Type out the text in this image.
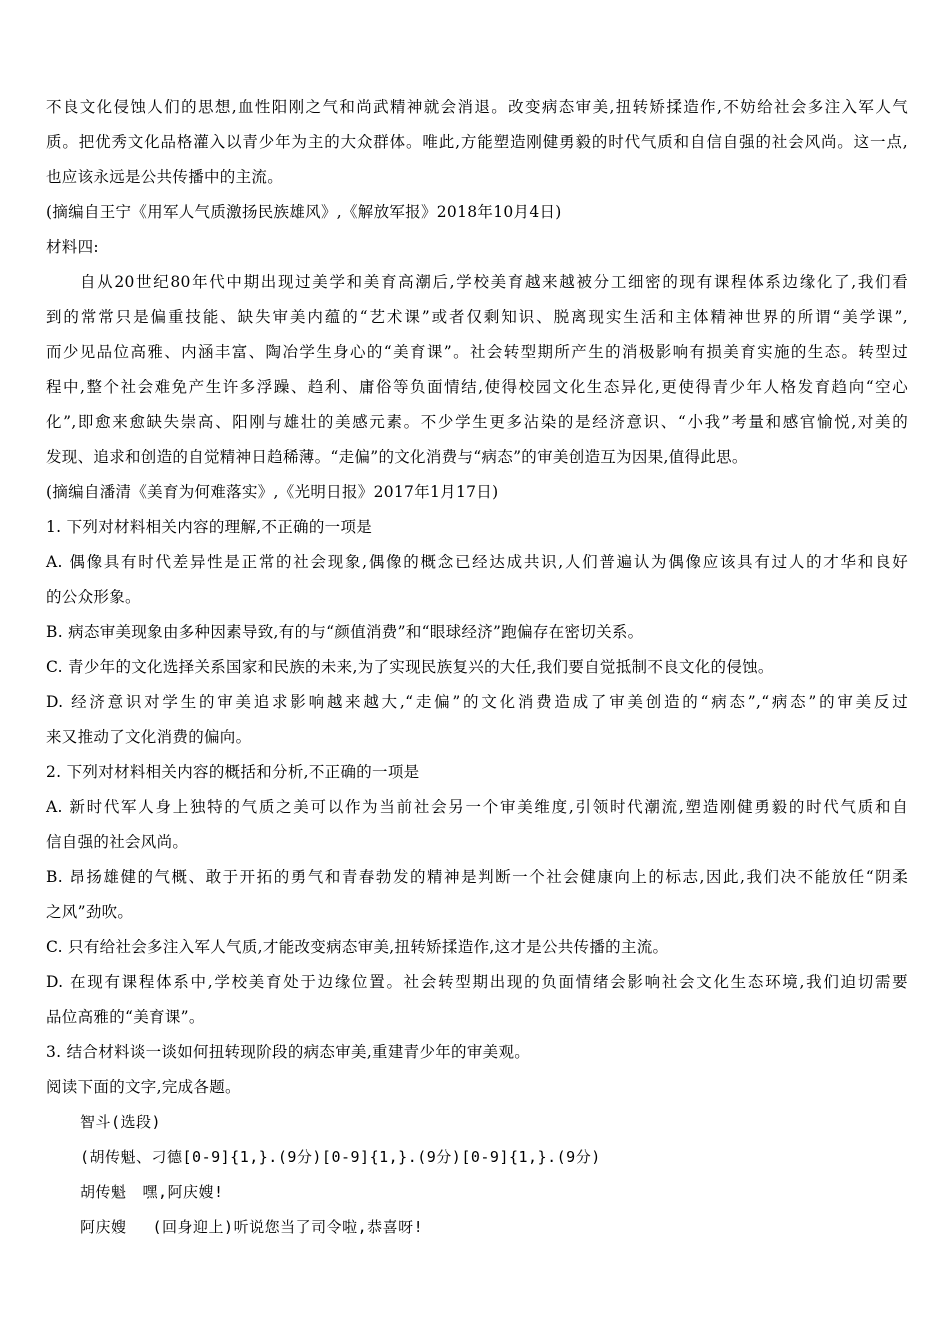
不良文化侵蚀人们的思想,血性阳刚之气和尚武精神就会消退。改变病态审美,扭转矫揉造作,不妨给社会多注入军人气
质。把优秀文化品格灌入以青少年为主的大众群体。唯此,方能塑造刚健勇毅的时代气质和自信自强的社会风尚。这一点,
也应该永远是公共传播中的主流。
(摘编自王宁《用军人气质激扬民族雄风》,《解放军报》2018年10月4日)
材料四:
自从20世纪80年代中期出现过美学和美育高潮后,学校美育越来越被分工细密的现有课程体系边缘化了,我们看
到的常常只是偏重技能、缺失审美内蕴的“艺术课”或者仅剩知识、脱离现实生活和主体精神世界的所谓“美学课”,
而少见品位高雅、内涵丰富、陶冶学生身心的“美育课”。社会转型期所产生的消极影响有损美育实施的生态。转型过
程中,整个社会难免产生许多浮躁、趋利、庸俗等负面情结,使得校园文化生态异化,更使得青少年人格发育趋向“空心
化”,即愈来愈缺失崇高、阳刚与雄壮的美感元素。不少学生更多沾染的是经济意识、“小我”考量和感官愉悦,对美的
发现、追求和创造的自觉精神日趋稀薄。“走偏”的文化消费与“病态”的审美创造互为因果,值得此思。
(摘编自潘清《美育为何难落实》,《光明日报》2017年1月17日)
1. 下列对材料相关内容的理解,不正确的一项是
A. 偶像具有时代差异性是正常的社会现象,偶像的概念已经达成共识,人们普遍认为偶像应该具有过人的才华和良好
的公众形象。
B. 病态审美现象由多种因素导致,有的与“颜值消费”和“眼球经济”跑偏存在密切关系。
C. 青少年的文化选择关系国家和民族的未来,为了实现民族复兴的大任,我们要自觉抵制不良文化的侵蚀。
D. 经济意识对学生的审美追求影响越来越大,“走偏”的文化消费造成了审美创造的“病态”,“病态”的审美反过
来又推动了文化消费的偏向。
2. 下列对材料相关内容的概括和分析,不正确的一项是
A. 新时代军人身上独特的气质之美可以作为当前社会另一个审美维度,引领时代潮流,塑造刚健勇毅的时代气质和自
信自强的社会风尚。
B. 昂扬雄健的气概、敢于开拓的勇气和青春勃发的精神是判断一个社会健康向上的标志,因此,我们决不能放任“阴柔
之风”劲吹。
C. 只有给社会多注入军人气质,才能改变病态审美,扭转矫揉造作,这才是公共传播的主流。
D. 在现有课程体系中,学校美育处于边缘位置。社会转型期出现的负面情绪会影响社会文化生态环境,我们迫切需要
品位高雅的“美育课”。
3. 结合材料谈一谈如何扭转现阶段的病态审美,重建青少年的审美观。
阅读下面的文字,完成各题。
智斗(选段)
(胡传魁、刁德[0-9]{1,}.(9分)[0-9]{1,}.(9分)[0-9]{1,}.(9分)
胡传魁 嘿,阿庆嫂!
阿庆嫂 (回身迎上)听说您当了司令啦,恭喜呀!
